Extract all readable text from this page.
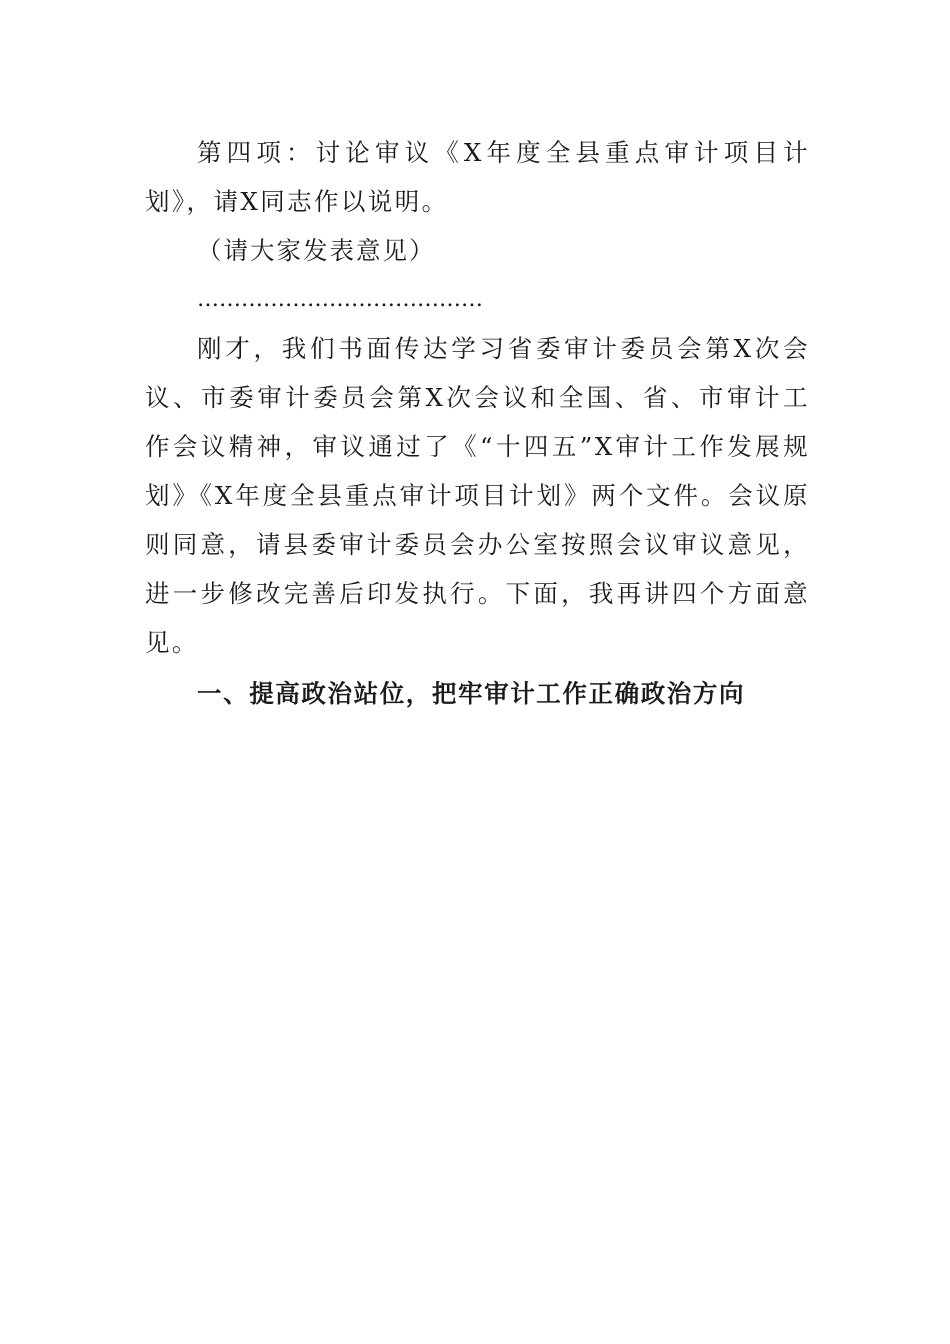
第四项：讨论审议《X年度全县重点审计项目计划》，请X同志作以说明。

（请大家发表意见）

…………………………………

刚才，我们书面传达学习省委审计委员会第X次会议、市委审计委员会第X次会议和全国、省、市审计工作会议精神，审议通过了《“十四五”X审计工作发展规划》《X年度全县重点审计项目计划》两个文件。会议原则同意，请县委审计委员会办公室按照会议审议意见，进一步修改完善后印发执行。下面，我再讲四个方面意见。

一、提高政治站位，把牢审计工作正确政治方向
